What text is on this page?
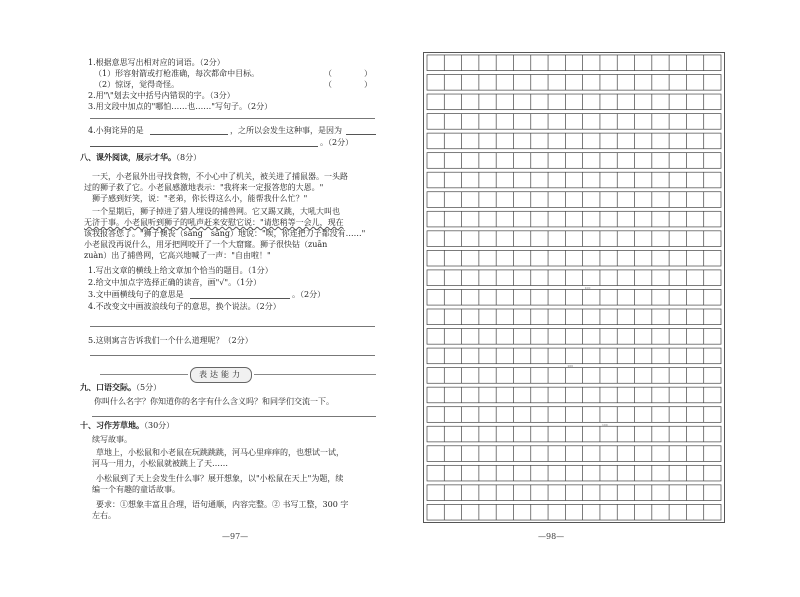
1.根据意思写出相对应的词语。（2分）
（1）形容射箭或打枪准确，每次都命中目标。	（　　　　）
（2）惊讶，觉得奇怪。	（　　　　）
2.用"\"划去文中括号内错误的字。（3分）
3.用文段中加点的"哪怕……也……"写句子。（2分）
4.小狗诧异的是	，之所以会发生这种事，是因为
。（2分）
八、课外阅读，展示才华。（8分）
一天，小老鼠外出寻找食物，不小心中了机关，被关进了捕鼠器。一头路
过的狮子救了它。小老鼠感激地表示："我将来一定报答您的大恩。"
狮子感到好笑，说："老弟，你长得这么小，能帮我什么忙？"
一个星期后，狮子掉进了猎人埋设的捕兽网。它又踢又跳，大吼大叫也
无济于事。小老鼠听到狮子的吼声赶来安慰它说："请您稍等一会儿，现在
该我报答您了。"狮子懊丧（sàng　sǎng）地说："唉，你连把刀子都没有……"
小老鼠没再说什么，用牙把网咬开了一个大窟窿。狮子很快钻（zuān
zuàn）出了捕兽网，它高兴地喊了一声："自由啦！"
1.写出文章的横线上给文章加个恰当的题目。（1分）
2.给文中加点字选择正确的读音，画"√"。（1分）
3.文中画横线句子的意思是	。（2分）
4.不改变文中画波浪线句子的意思，换个说法。（2分）
5.这则寓言告诉我们一个什么道理呢？（2分）
表达能力
九、口语交际。（5分）
你叫什么名字？你知道你的名字有什么含义吗？和同学们交流一下。
十、习作芳草地。（30分）
续写故事。
草地上，小松鼠和小老鼠在玩跳跳跳，河马心里痒痒的，也想试一试，
河马一用力，小松鼠就被跳上了天……
小松鼠到了天上会发生什么事？展开想象，以"小松鼠在天上"为题，续
编一个有趣的童话故事。
要求：①想象丰富且合理，语句通顺，内容完整。② 书写工整，300 字
左右。
—97—
100
100
100
—98—
